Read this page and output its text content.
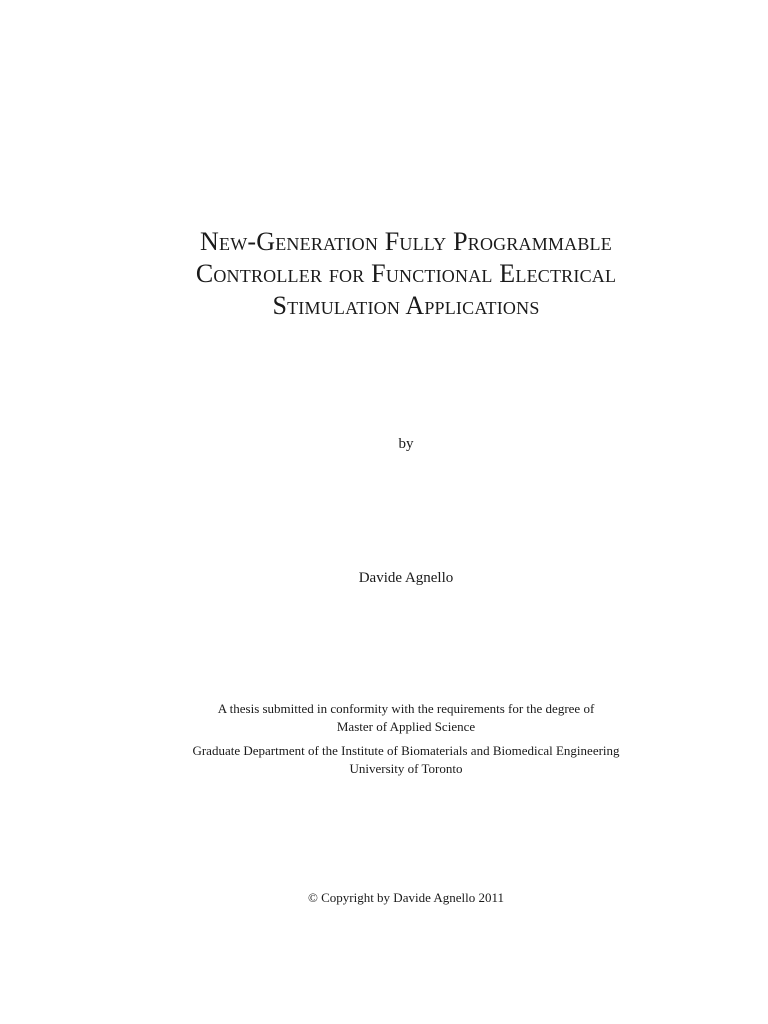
New-Generation Fully Programmable
Controller for Functional Electrical
Stimulation Applications
by
Davide Agnello
A thesis submitted in conformity with the requirements for the degree of
Master of Applied Science
Graduate Department of the Institute of Biomaterials and Biomedical Engineering
University of Toronto
© Copyright by Davide Agnello 2011
